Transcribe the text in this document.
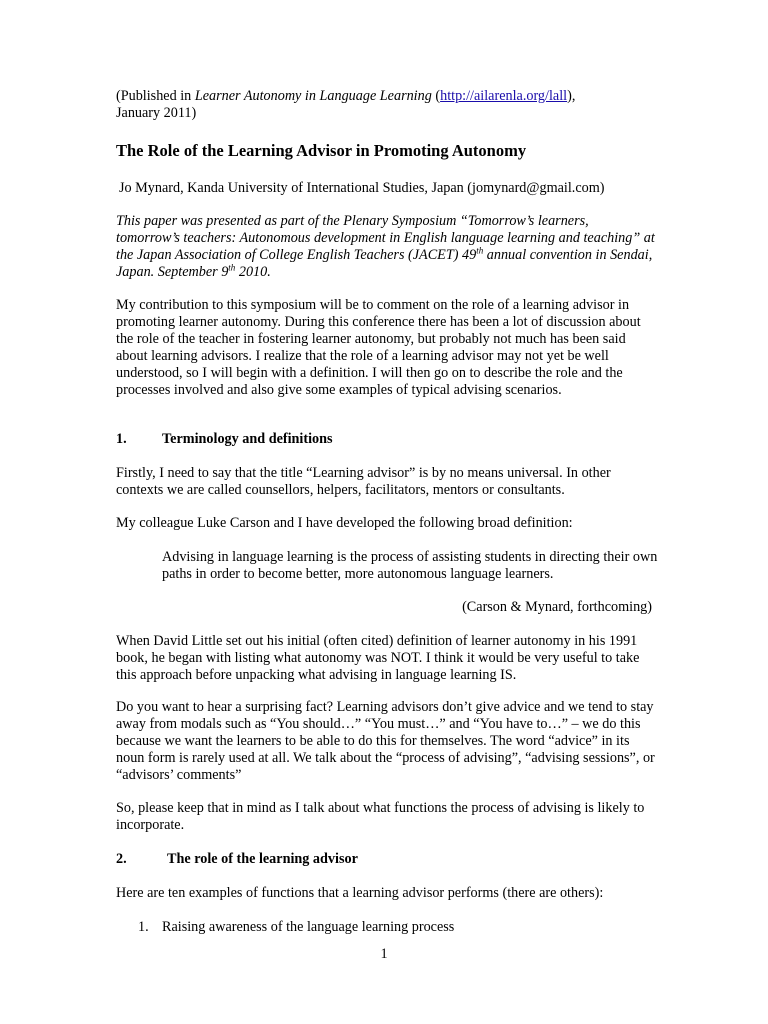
(Published in Learner Autonomy in Language Learning (http://ailarenla.org/lall),
January 2011)

The Role of the Learning Advisor in Promoting Autonomy

Jo Mynard, Kanda University of International Studies, Japan (jomynard@gmail.com)

This paper was presented as part of the Plenary Symposium “Tomorrow’s learners, tomorrow’s teachers: Autonomous development in English language learning and teaching” at the Japan Association of College English Teachers (JACET) 49th annual convention in Sendai, Japan. September 9th 2010.

My contribution to this symposium will be to comment on the role of a learning advisor in promoting learner autonomy. During this conference there has been a lot of discussion about the role of the teacher in fostering learner autonomy, but probably not much has been said about learning advisors. I realize that the role of a learning advisor may not yet be well understood, so I will begin with a definition. I will then go on to describe the role and the processes involved and also give some examples of typical advising scenarios.

1. Terminology and definitions

Firstly, I need to say that the title “Learning advisor” is by no means universal. In other contexts we are called counsellors, helpers, facilitators, mentors or consultants.

My colleague Luke Carson and I have developed the following broad definition:

Advising in language learning is the process of assisting students in directing their own paths in order to become better, more autonomous language learners.

(Carson & Mynard, forthcoming)

When David Little set out his initial (often cited) definition of learner autonomy in his 1991 book, he began with listing what autonomy was NOT. I think it would be very useful to take this approach before unpacking what advising in language learning IS.

Do you want to hear a surprising fact? Learning advisors don’t give advice and we tend to stay away from modals such as “You should…” “You must…” and “You have to…” – we do this because we want the learners to be able to do this for themselves. The word “advice” in its noun form is rarely used at all. We talk about the “process of advising”, “advising sessions”, or “advisors’ comments”

So, please keep that in mind as I talk about what functions the process of advising is likely to incorporate.

2.	The role of the learning advisor

Here are ten examples of functions that a learning advisor performs (there are others):

1. Raising awareness of the language learning process

1
